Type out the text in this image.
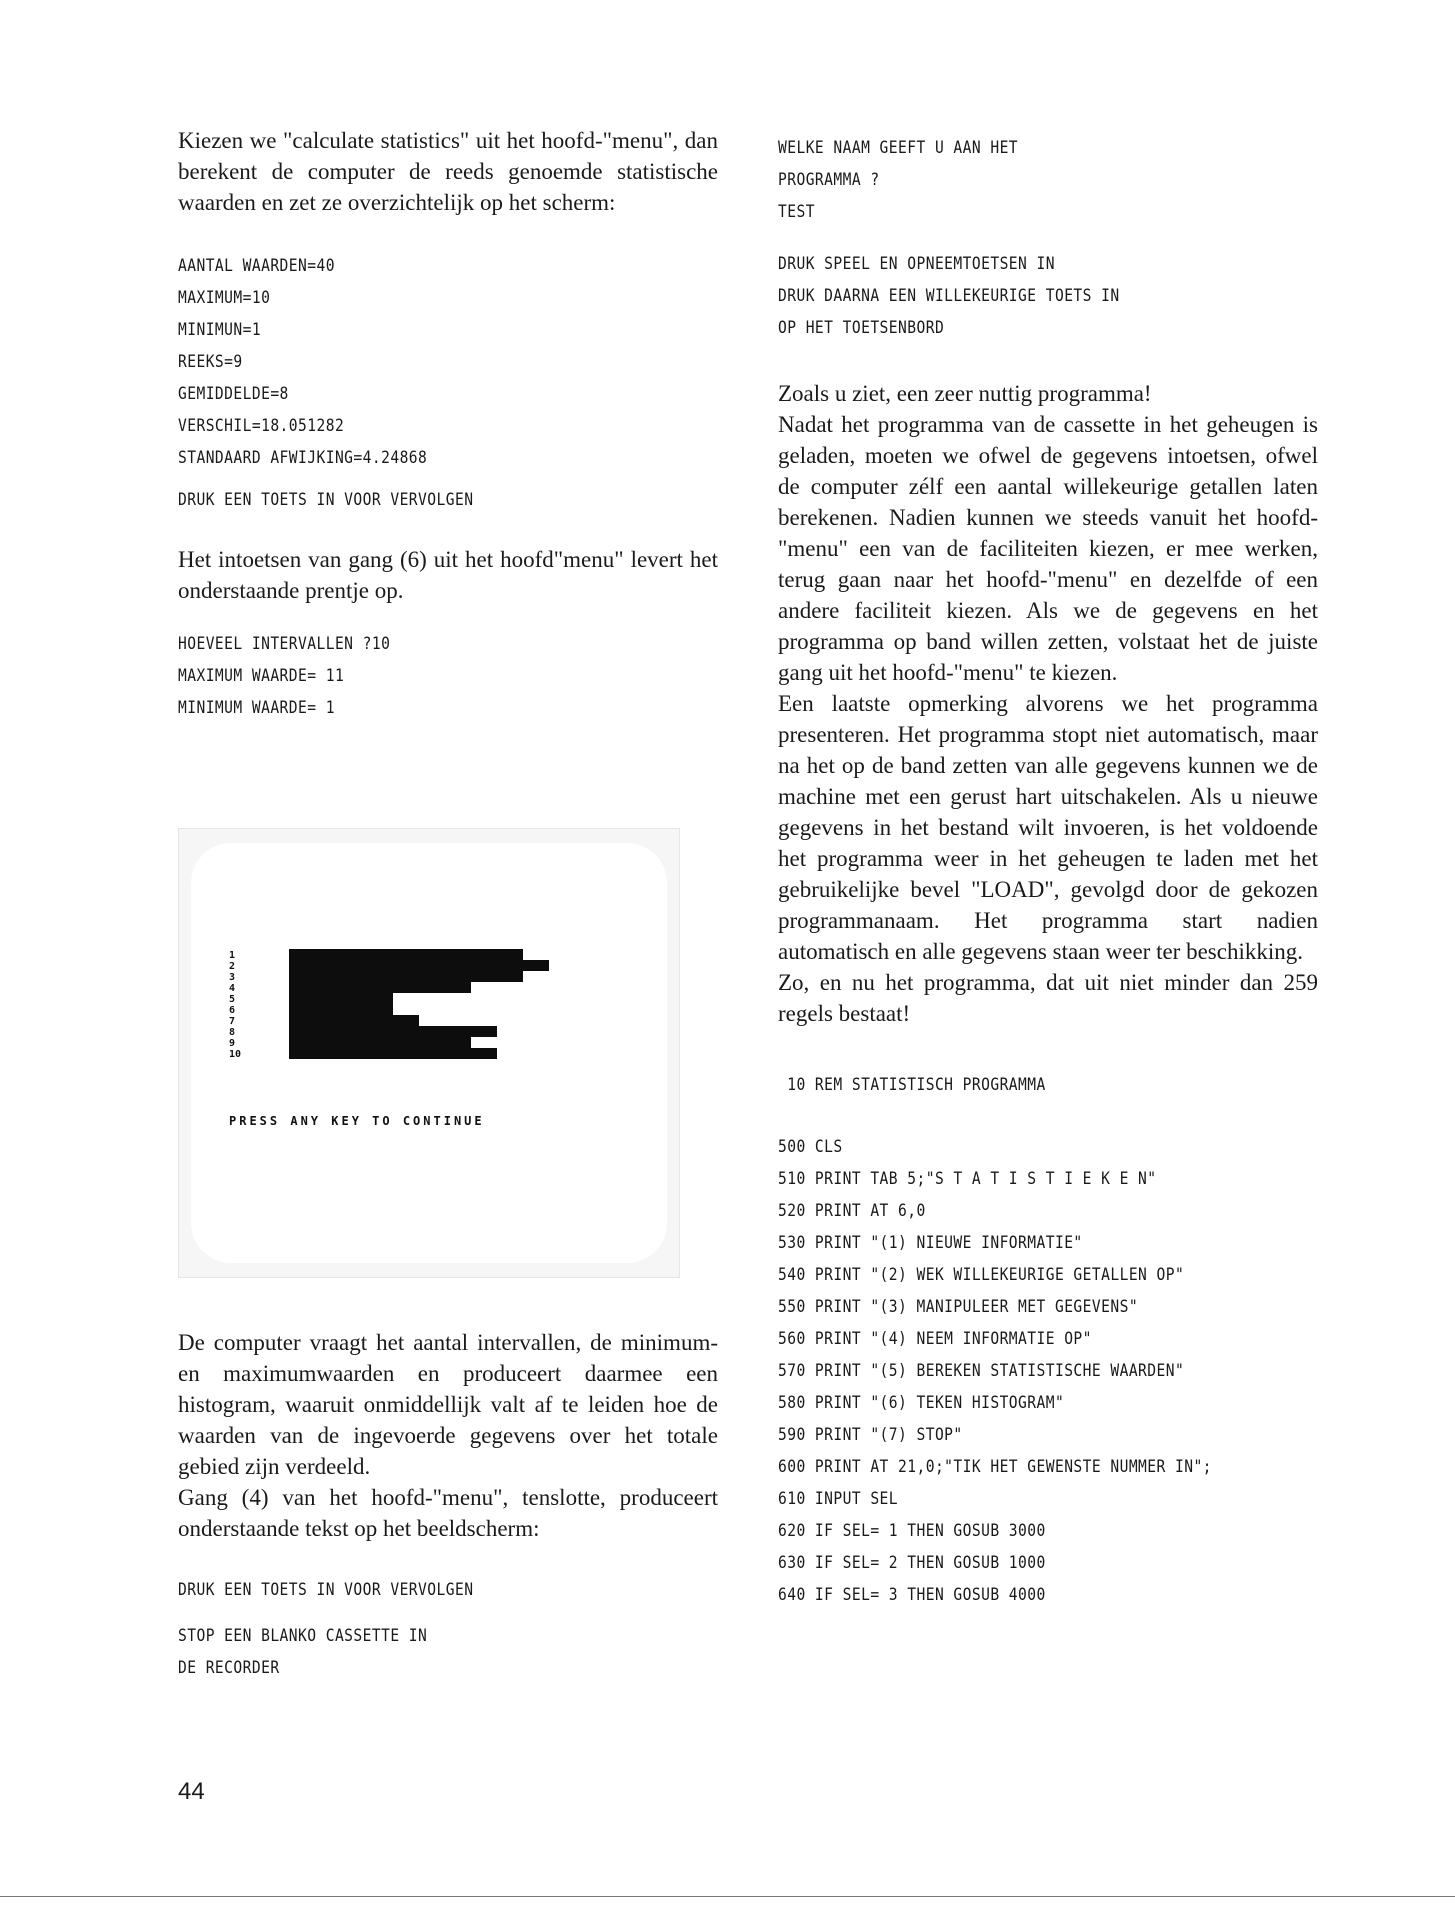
Kiezen we "calculate statistics" uit het hoofd-"menu", dan berekent de computer de reeds genoemde statistische waarden en zet ze overzichtelijk op het scherm:

AANTAL WAARDEN=40
MAXIMUM=10
MINIMUN=1
REEKS=9
GEMIDDELDE=8
VERSCHIL=18.051282
STANDAARD AFWIJKING=4.24868
DRUK EEN TOETS IN VOOR VERVOLGEN

Het intoetsen van gang (6) uit het hoofd"menu" levert het onderstaande prentje op.

HOEVEEL INTERVALLEN ?10
MAXIMUM WAARDE= 11
MINIMUM WAARDE= 1
1
2
3
4
5
6
7
8
9
10
PRESS ANY KEY TO CONTINUE

De computer vraagt het aantal intervallen, de minimum- en maximumwaarden en produceert daarmee een histogram, waaruit onmiddellijk valt af te leiden hoe de waarden van de ingevoerde gegevens over het totale gebied zijn verdeeld.

Gang (4) van het hoofd-"menu", tenslotte, produceert onderstaande tekst op het beeldscherm:

DRUK EEN TOETS IN VOOR VERVOLGEN
STOP EEN BLANKO CASSETTE IN
DE RECORDER
WELKE NAAM GEEFT U AAN HET
PROGRAMMA ?
TEST
DRUK SPEEL EN OPNEEMTOETSEN IN
DRUK DAARNA EEN WILLEKEURIGE TOETS IN
OP HET TOETSENBORD

Zoals u ziet, een zeer nuttig programma!

Nadat het programma van de cassette in het geheugen is geladen, moeten we ofwel de gegevens intoetsen, ofwel de computer zélf een aantal willekeurige getallen laten berekenen. Nadien kunnen we steeds vanuit het hoofd-"menu" een van de faciliteiten kiezen, er mee werken, terug gaan naar het hoofd-"menu" en dezelfde of een andere faciliteit kiezen. Als we de gegevens en het programma op band willen zetten, volstaat het de juiste gang uit het hoofd-"menu" te kiezen.

Een laatste opmerking alvorens we het programma presenteren. Het programma stopt niet automatisch, maar na het op de band zetten van alle gegevens kunnen we de machine met een gerust hart uitschakelen. Als u nieuwe gegevens in het bestand wilt invoeren, is het voldoende het programma weer in het geheugen te laden met het gebruikelijke bevel "LOAD", gevolgd door de gekozen programmanaam. Het programma start nadien automatisch en alle gegevens staan weer ter beschikking.

Zo, en nu het programma, dat uit niet minder dan 259 regels bestaat!

10 REM STATISTISCH PROGRAMMA
500 CLS
510 PRINT TAB 5;"S T A T I S T I E K E N"
520 PRINT AT 6,0
530 PRINT "(1) NIEUWE INFORMATIE"
540 PRINT "(2) WEK WILLEKEURIGE GETALLEN OP"
550 PRINT "(3) MANIPULEER MET GEGEVENS"
560 PRINT "(4) NEEM INFORMATIE OP"
570 PRINT "(5) BEREKEN STATISTISCHE WAARDEN"
580 PRINT "(6) TEKEN HISTOGRAM"
590 PRINT "(7) STOP"
600 PRINT AT 21,0;"TIK HET GEWENSTE NUMMER IN";
610 INPUT SEL
620 IF SEL= 1 THEN GOSUB 3000
630 IF SEL= 2 THEN GOSUB 1000
640 IF SEL= 3 THEN GOSUB 4000
44
